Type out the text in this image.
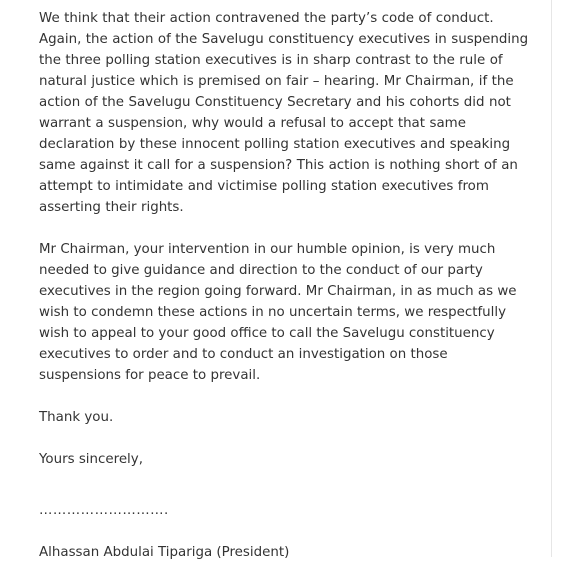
We think that their action contravened the party’s code of conduct. Again, the action of the Savelugu constituency executives in suspending the three polling station executives is in sharp contrast to the rule of natural justice which is premised on fair – hearing. Mr Chairman, if the action of the Savelugu Constituency Secretary and his cohorts did not warrant a suspension, why would a refusal to accept that same declaration by these innocent polling station executives and speaking same against it call for a suspension? This action is nothing short of an attempt to intimidate and victimise polling station executives from asserting their rights.

Mr Chairman, your intervention in our humble opinion, is very much needed to give guidance and direction to the conduct of our party executives in the region going forward. Mr Chairman, in as much as we wish to condemn these actions in no uncertain terms, we respectfully wish to appeal to your good office to call the Savelugu constituency executives to order and to conduct an investigation on those suspensions for peace to prevail.

Thank you.

Yours sincerely,

……………………….

Alhassan Abdulai Tipariga (President)
